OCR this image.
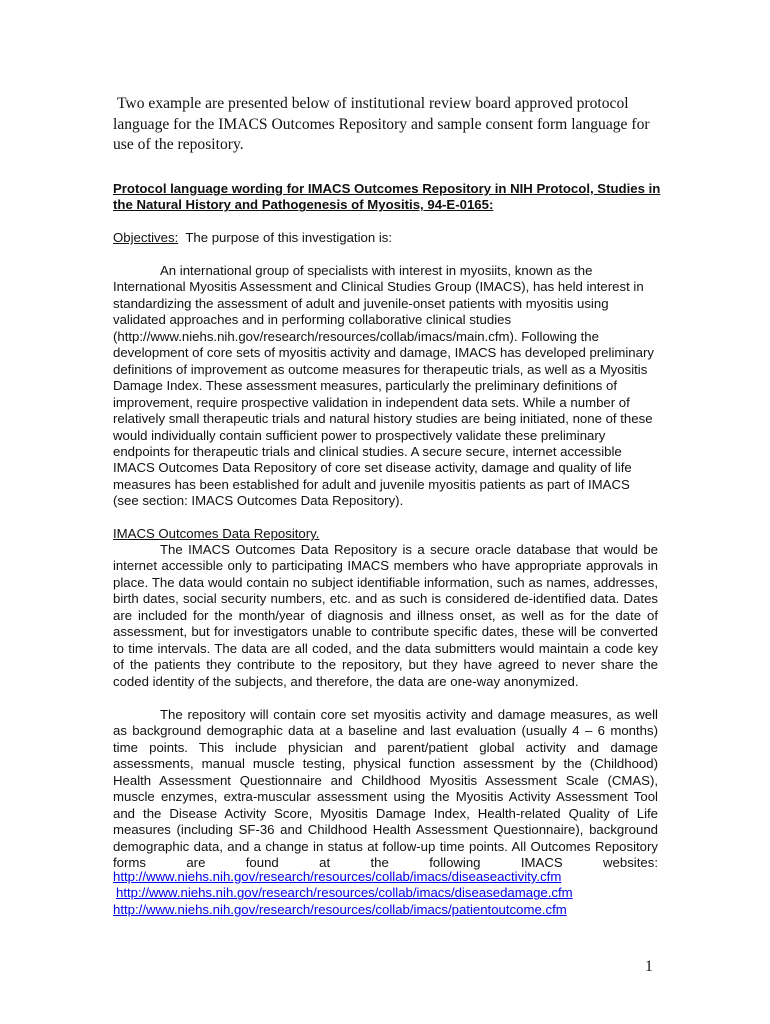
Two example are presented below of institutional review board approved protocol language for the IMACS Outcomes Repository and sample consent form language for use of the repository.

Protocol language wording for IMACS Outcomes Repository in NIH Protocol, Studies in the Natural History and Pathogenesis of Myositis, 94-E-0165:

Objectives: The purpose of this investigation is:

An international group of specialists with interest in myosiits, known as the International Myositis Assessment and Clinical Studies Group (IMACS), has held interest in standardizing the assessment of adult and juvenile-onset patients with myositis using validated approaches and in performing collaborative clinical studies (http://www.niehs.nih.gov/research/resources/collab/imacs/main.cfm). Following the development of core sets of myositis activity and damage, IMACS has developed preliminary definitions of improvement as outcome measures for therapeutic trials, as well as a Myositis Damage Index. These assessment measures, particularly the preliminary definitions of improvement, require prospective validation in independent data sets. While a number of relatively small therapeutic trials and natural history studies are being initiated, none of these would individually contain sufficient power to prospectively validate these preliminary endpoints for therapeutic trials and clinical studies. A secure secure, internet accessible IMACS Outcomes Data Repository of core set disease activity, damage and quality of life measures has been established for adult and juvenile myositis patients as part of IMACS (see section: IMACS Outcomes Data Repository).

IMACS Outcomes Data Repository.

The IMACS Outcomes Data Repository is a secure oracle database that would be internet accessible only to participating IMACS members who have appropriate approvals in place. The data would contain no subject identifiable information, such as names, addresses, birth dates, social security numbers, etc. and as such is considered de-identified data. Dates are included for the month/year of diagnosis and illness onset, as well as for the date of assessment, but for investigators unable to contribute specific dates, these will be converted to time intervals. The data are all coded, and the data submitters would maintain a code key of the patients they contribute to the repository, but they have agreed to never share the coded identity of the subjects, and therefore, the data are one-way anonymized.

The repository will contain core set myositis activity and damage measures, as well as background demographic data at a baseline and last evaluation (usually 4 – 6 months) time points. This include physician and parent/patient global activity and damage assessments, manual muscle testing, physical function assessment by the (Childhood) Health Assessment Questionnaire and Childhood Myositis Assessment Scale (CMAS), muscle enzymes, extra-muscular assessment using the Myositis Activity Assessment Tool and the Disease Activity Score, Myositis Damage Index, Health-related Quality of Life measures (including SF-36 and Childhood Health Assessment Questionnaire), background demographic data, and a change in status at follow-up time points. All Outcomes Repository forms are found at the following IMACS websites:

http://www.niehs.nih.gov/research/resources/collab/imacs/diseaseactivity.cfm
http://www.niehs.nih.gov/research/resources/collab/imacs/diseasedamage.cfm
http://www.niehs.nih.gov/research/resources/collab/imacs/patientoutcome.cfm

1
